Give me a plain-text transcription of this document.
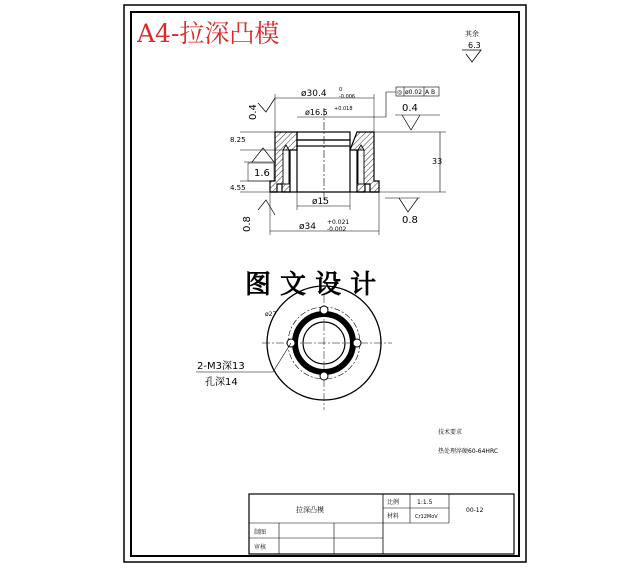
A4-拉深凸模	其余
6.3
ø30.4 0
-0.006
ø16.5 +0.018
◎ ø0.02 A B
0.4	0.4
1.6
0.8	0.8
8.25
4.55
33
ø15
ø34 +0.021
-0.002
图 文 设 计
ø27
2-M3深13
孔深14
技术要求
热处理淬硬60-64HRC
拉深凸模
比例	1:1.5
材料	Cr12MoV
00-12
制图
审核
